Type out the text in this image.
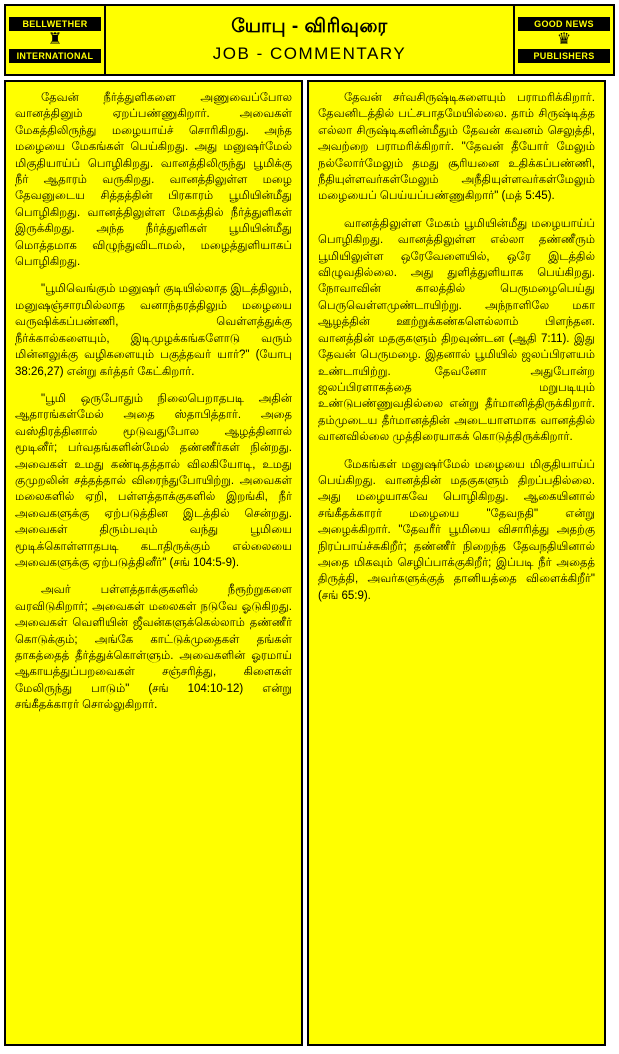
BELLWETHER
♜
INTERNATIONAL
யோபு - விரிவுரை
JOB - COMMENTARY
GOOD NEWS
♛
PUBLISHERS

தேவன் நீர்த்துளிகளை அணுவைப்போல வானத்தினும் ஏறப்பண்ணுகிறார். அவைகள் மேகத்திலிருந்து மழையாய்ச் சொரிகிறது. அந்த மழையை மேகங்கள் பெய்கிறது. அது மனுஷர்மேல் மிகுதியாய்ப் பொழிகிறது. வானத்திலிருந்து பூமிக்கு நீர் ஆதாரம் வருகிறது. வானத்திலுள்ள மழை தேவனுடைய சித்தத்தின் பிரகாரம் பூமியின்மீது பொழிகிறது. வானத்திலுள்ள மேகத்தில் நீர்த்துளிகள் இருக்கிறது. அந்த நீர்த்துளிகள் பூமியின்மீது மொத்தமாக விழுந்துவிடாமல், மழைத்துளியாகப் பொழிகிறது.

"பூமிவெங்கும் மனுஷர் குடியில்லாத இடத்திலும், மனுஷஞ்சாரமில்லாத வனாந்தரத்திலும் மழையை வருஷிக்கப்பண்ணி, வெள்ளத்துக்கு நீர்க்கால்களையும், இடிமுழக்கங்களோடு வரும் மின்னலுக்கு வழிகளையும் பகுத்தவர் யார்?" (யோபு 38:26,27) என்று கர்த்தர் கேட்கிறார்.

"பூமி ஒருபோதும் நிலைபெறாதபடி அதின் ஆதாரங்கள்மேல் அதை ஸ்தாபித்தார். அதை வஸ்திரத்தினால் மூடுவதுபோல ஆழத்தினால் மூடினீர்; பர்வதங்களின்மேல் தண்ணீர்கள் நின்றது. அவைகள் உமது கண்டிதத்தால் விலகியோடி, உமது குமுறலின் சத்தத்தால் விரைந்துபோயிற்று. அவைகள் மலைகளில் ஏறி, பள்ளத்தாக்குகளில் இறங்கி, நீர் அவைகளுக்கு ஏற்படுத்தின இடத்தில் சென்றது. அவைகள் திரும்பவும் வந்து பூமியை மூடிக்கொள்ளாதபடி கடாதிருக்கும் எல்லையை அவைகளுக்கு ஏற்படுத்தினீர்" (சங் 104:5-9).

அவர் பள்ளத்தாக்குகளில் நீரூற்றுகளை வரவிடுகிறார்; அவைகள் மலைகள் நடுவே ஓடுகிறது. அவைகள் வெளியின் ஜீவன்களுக்கெல்லாம் தண்ணீர் கொடுக்கும்; அங்கே காட்டுக்முதைகள் தங்கள் தாகத்தைத் தீர்த்துக்கொள்ளும். அவைகளின் ஓரமாய் ஆகாயத்துப்பறவைகள் சஞ்சரித்து, கிளைகள் மேலிருந்து பாடும்" (சங் 104:10-12) என்று சங்கீதக்காரர் சொல்லுகிறார்.

தேவன் சர்வசிருஷ்டிகளையும் பராமரிக்கிறார். தேவனிடத்தில் பட்சபாதமேயில்லை. தாம் சிருஷ்டித்த எல்லா சிருஷ்டிகளின்மீதும் தேவன் கவனம் செலுத்தி, அவற்றை பராமரிக்கிறார். "தேவன் தீயோர் மேலும் நல்லோர்மேலும் தமது சூரியனை உதிக்கப்பண்ணி, நீதியுள்ளவர்கள்மேலும் அநீதியுள்ளவர்கள்மேலும் மழையைப் பெய்யப்பண்ணுகிறார்" (மத் 5:45).

வானத்திலுள்ள மேகம் பூமியின்மீது மழையாய்ப் பொழிகிறது. வானத்திலுள்ள எல்லா தண்ணீரும் பூமியிலுள்ள ஒரேவேளையில், ஒரே இடத்தில் விழுவதில்லை. அது துளித்துளியாக பெய்கிறது. நோவாவின் காலத்தில் பெருமழைபெய்து பெருவெள்ளமுண்டாயிற்று. அந்நாளிலே மகா ஆழத்தின் ஊற்றுக்கண்களெல்லாம் பிளந்தன. வானத்தின் மதகுகளும் திறவுண்டன (ஆதி 7:11). இது தேவன் பெருமழை. இதனால் பூமியில் ஜலப்பிரளயம் உண்டாயிற்று. தேவனோ அதுபோன்ற ஜலப்பிரளாகத்தை மறுபடியும் உண்டுபண்ணுவதில்லை என்று தீர்மானித்திருக்கிறார். தம்முடைய தீர்மானத்தின் அடையாளமாக வானத்தில் வானவில்லை முத்திரையாகக் கொடுத்திருக்கிறார்.

மேகங்கள் மனுஷர்மேல் மழையை மிகுதியாய்ப் பெய்கிறது. வானத்தின் மதகுகளும் திறப்பதில்லை. அது மழையாகவே பொழிகிறது. ஆகையினால் சங்கீதக்காரர் மழையை "தேவநதி" என்று அழைக்கிறார். "தேவரீர் பூமியை விசாரித்து அதற்கு நிரப்பாய்ச்சுகிறீர்; தண்ணீர் நிறைந்த தேவநதியினால் அதை மிகவும் செழிப்பாக்குகிறீர்; இப்படி நீர் அதைத் திருத்தி, அவர்களுக்குத் தானியத்தை விளைக்கிறீர்" (சங் 65:9).
